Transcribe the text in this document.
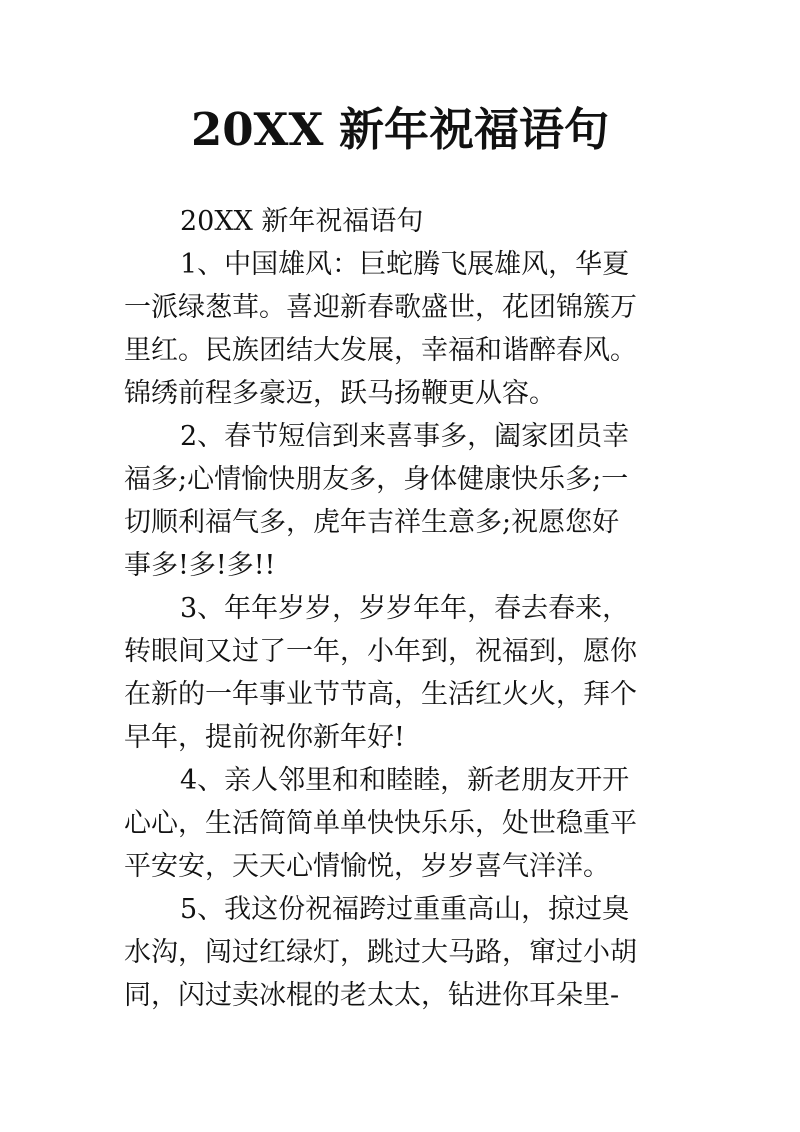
20XX 新年祝福语句
20XX 新年祝福语句
1、中国雄风：巨蛇腾飞展雄风，华夏
一派绿葱茸。喜迎新春歌盛世，花团锦簇万
里红。民族团结大发展，幸福和谐醉春风。
锦绣前程多豪迈，跃马扬鞭更从容。
2、春节短信到来喜事多，阖家团员幸
福多;心情愉快朋友多，身体健康快乐多;一
切顺利福气多，虎年吉祥生意多;祝愿您好
事多!多!多!!
3、年年岁岁，岁岁年年，春去春来，
转眼间又过了一年，小年到，祝福到，愿你
在新的一年事业节节高，生活红火火，拜个
早年，提前祝你新年好!
4、亲人邻里和和睦睦，新老朋友开开
心心，生活简简单单快快乐乐，处世稳重平
平安安，天天心情愉悦，岁岁喜气洋洋。
5、我这份祝福跨过重重高山，掠过臭
水沟，闯过红绿灯，跳过大马路，窜过小胡
同，闪过卖冰棍的老太太，钻进你耳朵里-
